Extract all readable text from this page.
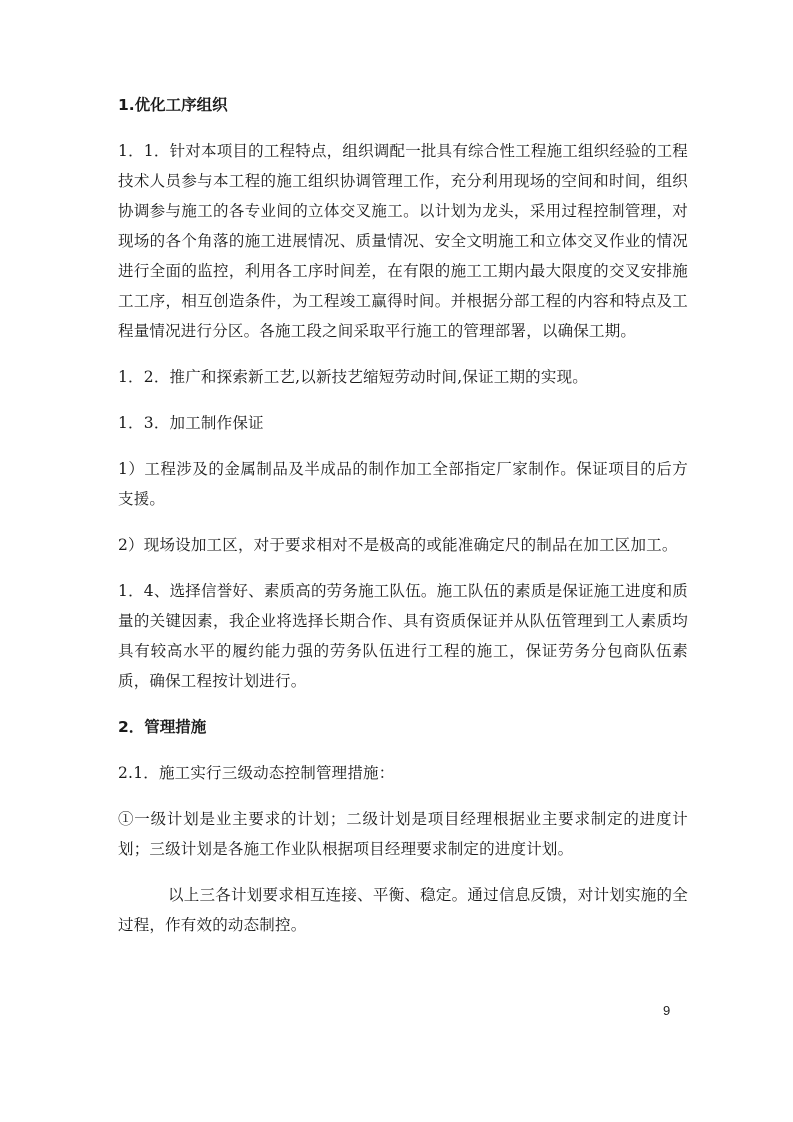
1.优化工序组织
1．1．针对本项目的工程特点，组织调配一批具有综合性工程施工组织经验的工程技术人员参与本工程的施工组织协调管理工作，充分利用现场的空间和时间，组织协调参与施工的各专业间的立体交叉施工。以计划为龙头，采用过程控制管理，对现场的各个角落的施工进展情况、质量情况、安全文明施工和立体交叉作业的情况进行全面的监控，利用各工序时间差，在有限的施工工期内最大限度的交叉安排施工工序，相互创造条件，为工程竣工赢得时间。并根据分部工程的内容和特点及工程量情况进行分区。各施工段之间采取平行施工的管理部署，以确保工期。
1．2．推广和探索新工艺,以新技艺缩短劳动时间,保证工期的实现。
1．3．加工制作保证
1）工程涉及的金属制品及半成品的制作加工全部指定厂家制作。保证项目的后方支援。
2）现场设加工区，对于要求相对不是极高的或能准确定尺的制品在加工区加工。
1．4、选择信誉好、素质高的劳务施工队伍。施工队伍的素质是保证施工进度和质量的关键因素，我企业将选择长期合作、具有资质保证并从队伍管理到工人素质均具有较高水平的履约能力强的劳务队伍进行工程的施工，保证劳务分包商队伍素质，确保工程按计划进行。
2．管理措施
2.1．施工实行三级动态控制管理措施：
①一级计划是业主要求的计划；二级计划是项目经理根据业主要求制定的进度计划；三级计划是各施工作业队根据项目经理要求制定的进度计划。
以上三各计划要求相互连接、平衡、稳定。通过信息反馈，对计划实施的全过程，作有效的动态制控。
9
